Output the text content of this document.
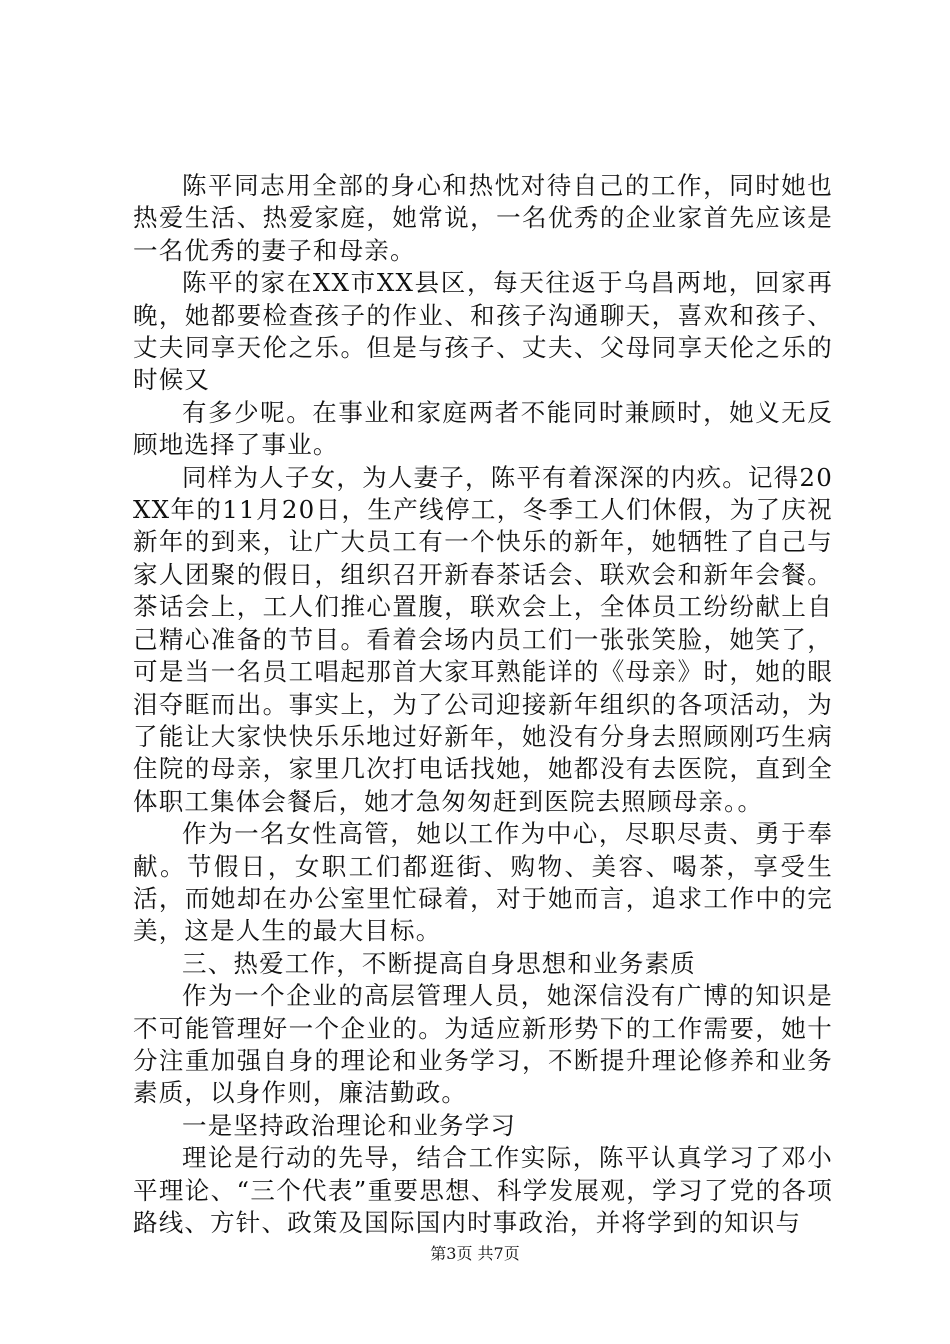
陈平同志用全部的身心和热忱对待自己的工作，同时她也热爱生活、热爱家庭，她常说，一名优秀的企业家首先应该是一名优秀的妻子和母亲。

陈平的家在XX市XX县区，每天往返于乌昌两地，回家再晚，她都要检查孩子的作业、和孩子沟通聊天，喜欢和孩子、丈夫同享天伦之乐。但是与孩子、丈夫、父母同享天伦之乐的时候又

有多少呢。在事业和家庭两者不能同时兼顾时，她义无反顾地选择了事业。

同样为人子女，为人妻子，陈平有着深深的内疚。记得20XX年的11月20日，生产线停工，冬季工人们休假，为了庆祝新年的到来，让广大员工有一个快乐的新年，她牺牲了自己与家人团聚的假日，组织召开新春茶话会、联欢会和新年会餐。茶话会上，工人们推心置腹，联欢会上，全体员工纷纷献上自己精心准备的节目。看着会场内员工们一张张笑脸，她笑了，可是当一名员工唱起那首大家耳熟能详的《母亲》时，她的眼泪夺眶而出。事实上，为了公司迎接新年组织的各项活动，为了能让大家快快乐乐地过好新年，她没有分身去照顾刚巧生病住院的母亲，家里几次打电话找她，她都没有去医院，直到全体职工集体会餐后，她才急匆匆赶到医院去照顾母亲。。

作为一名女性高管，她以工作为中心，尽职尽责、勇于奉献。节假日，女职工们都逛街、购物、美容、喝茶，享受生活，而她却在办公室里忙碌着，对于她而言，追求工作中的完美，这是人生的最大目标。

三、热爱工作，不断提高自身思想和业务素质

作为一个企业的高层管理人员，她深信没有广博的知识是不可能管理好一个企业的。为适应新形势下的工作需要，她十分注重加强自身的理论和业务学习，不断提升理论修养和业务素质，以身作则，廉洁勤政。

一是坚持政治理论和业务学习

理论是行动的先导，结合工作实际，陈平认真学习了邓小平理论、“三个代表”重要思想、科学发展观，学习了党的各项路线、方针、政策及国际国内时事政治，并将学到的知识与

第3页 共7页
